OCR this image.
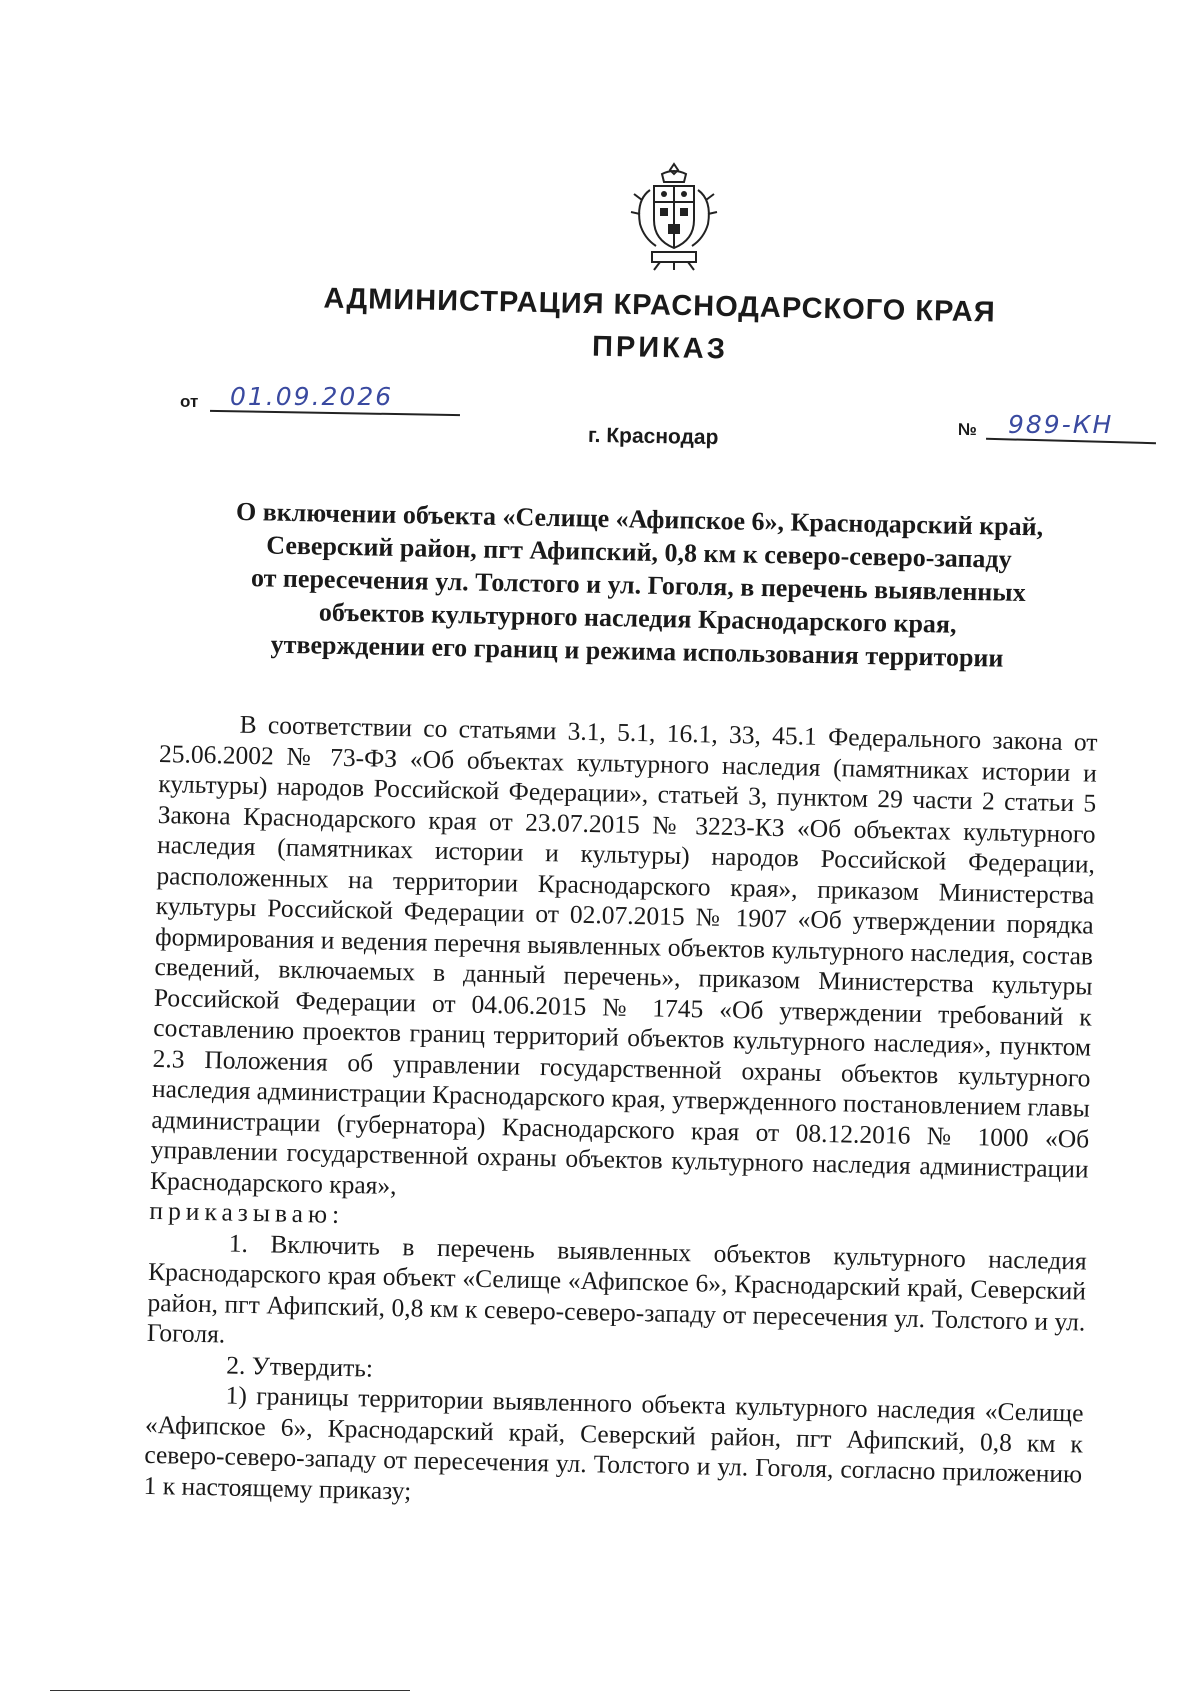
АДМИНИСТРАЦИЯ КРАСНОДАРСКОГО КРАЯ
ПРИКАЗ
от 01.09.2026
г. Краснодар	№ 989-КН
О включении объекта «Селище «Афипское 6», Краснодарский край,
Северский район, пгт Афипский, 0,8 км к северо-северо-западу
от пересечения ул. Толстого и ул. Гоголя, в перечень выявленных
объектов культурного наследия Краснодарского края,
утверждении его границ и режима использования территории

В соответствии со статьями 3.1, 5.1, 16.1, 33, 45.1 Федерального закона от 25.06.2002 № 73-ФЗ «Об объектах культурного наследия (памятниках истории и культуры) народов Российской Федерации», статьей 3, пунктом 29 части 2 статьи 5 Закона Краснодарского края от 23.07.2015 № 3223-КЗ «Об объектах культурного наследия (памятниках истории и культуры) народов Российской Федерации, расположенных на территории Краснодарского края», приказом Министерства культуры Российской Федерации от 02.07.2015 № 1907 «Об утверждении порядка формирования и ведения перечня выявленных объектов культурного наследия, состав сведений, включаемых в данный перечень», приказом Министерства культуры Российской Федерации от 04.06.2015 № 1745 «Об утверждении требований к составлению проектов границ территорий объектов культурного наследия», пунктом 2.3 Положения об управлении государственной охраны объектов культурного наследия администрации Краснодарского края, утвержденного постановлением главы администрации (губернатора) Краснодарского края от 08.12.2016 № 1000 «Об управлении государственной охраны объектов культурного наследия администрации Краснодарского края»,

приказываю:

1. Включить в перечень выявленных объектов культурного наследия Краснодарского края объект «Селище «Афипское 6», Краснодарский край, Северский район, пгт Афипский, 0,8 км к северо-северо-западу от пересечения ул. Толстого и ул. Гоголя.

2. Утвердить:

1) границы территории выявленного объекта культурного наследия «Селище «Афипское 6», Краснодарский край, Северский район, пгт Афипский, 0,8 км к северо-северо-западу от пересечения ул. Толстого и ул. Гоголя, согласно приложению 1 к настоящему приказу;
